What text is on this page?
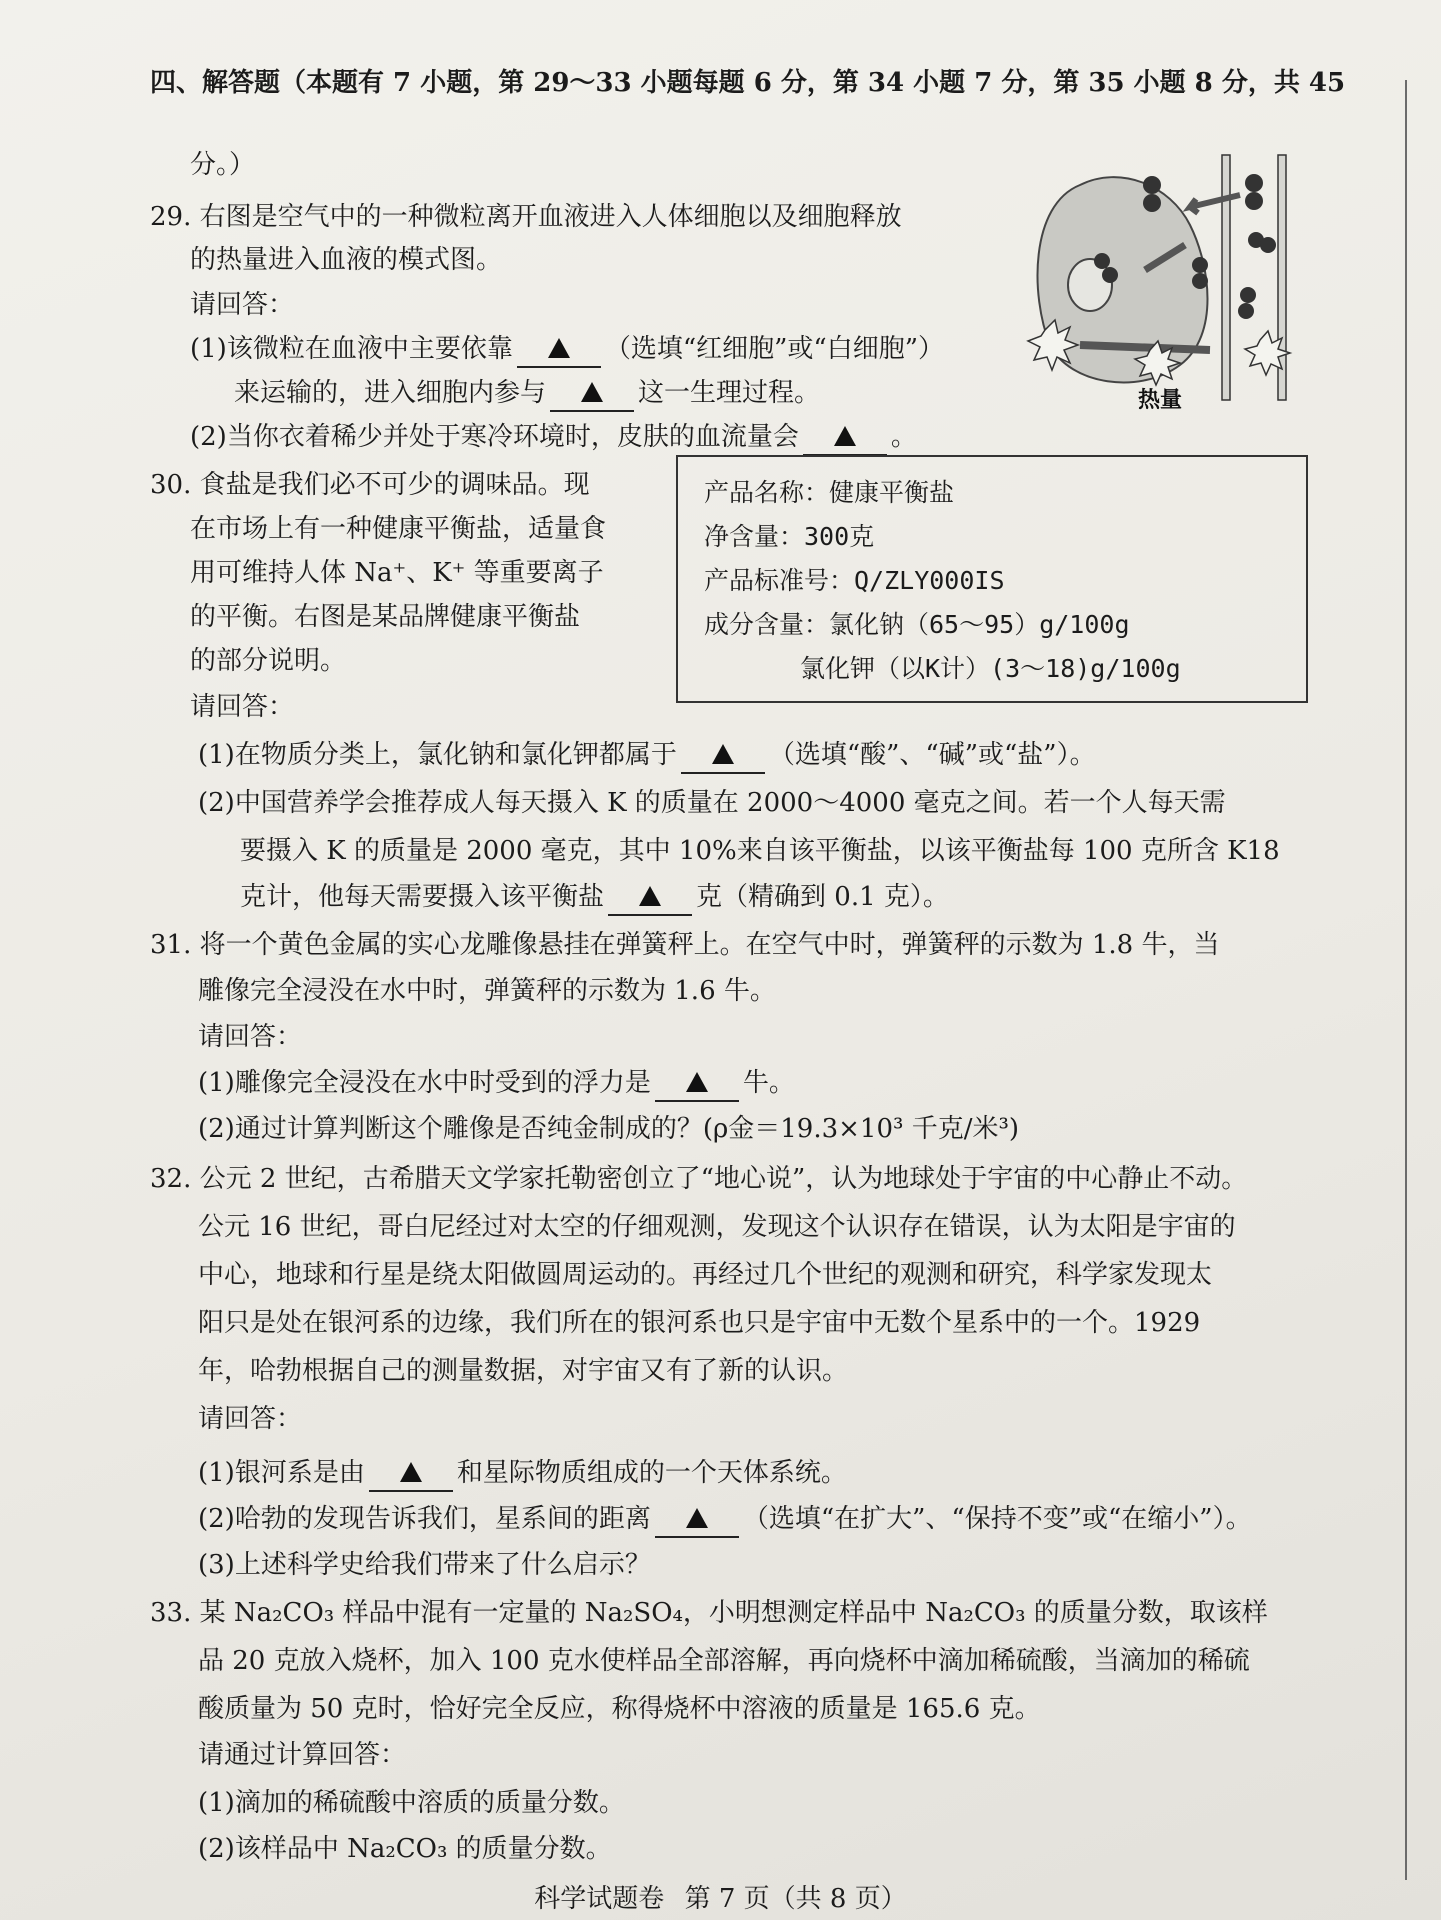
四、解答题（本题有 7 小题，第 29～33 小题每题 6 分，第 34 小题 7 分，第 35 小题 8 分，共 45
分。）
29. 右图是空气中的一种微粒离开血液进入人体细胞以及细胞释放
的热量进入血液的模式图。
请回答：
(1)该微粒在血液中主要依靠	（选填“红细胞”或“白细胞”）
来运输的，进入细胞内参与	这一生理过程。
(2)当你衣着稀少并处于寒冷环境时，皮肤的血流量会	。
热量
30. 食盐是我们必不可少的调味品。现
在市场上有一种健康平衡盐，适量食
用可维持人体 Na⁺、K⁺ 等重要离子
的平衡。右图是某品牌健康平衡盐
的部分说明。
请回答：
产品名称：健康平衡盐
净含量：300克
产品标准号：Q/ZLY000IS
成分含量：氯化钠（65～95）g/100g
氯化钾（以K计）(3～18)g/100g
(1)在物质分类上，氯化钠和氯化钾都属于	（选填“酸”、“碱”或“盐”）。
(2)中国营养学会推荐成人每天摄入 K 的质量在 2000～4000 毫克之间。若一个人每天需
要摄入 K 的质量是 2000 毫克，其中 10%来自该平衡盐，以该平衡盐每 100 克所含 K18
克计，他每天需要摄入该平衡盐	克（精确到 0.1 克）。
31. 将一个黄色金属的实心龙雕像悬挂在弹簧秤上。在空气中时，弹簧秤的示数为 1.8 牛，当
雕像完全浸没在水中时，弹簧秤的示数为 1.6 牛。
请回答：
(1)雕像完全浸没在水中时受到的浮力是	牛。
(2)通过计算判断这个雕像是否纯金制成的？(ρ金＝19.3×10³ 千克/米³)
32. 公元 2 世纪，古希腊天文学家托勒密创立了“地心说”，认为地球处于宇宙的中心静止不动。
公元 16 世纪，哥白尼经过对太空的仔细观测，发现这个认识存在错误，认为太阳是宇宙的
中心，地球和行星是绕太阳做圆周运动的。再经过几个世纪的观测和研究，科学家发现太
阳只是处在银河系的边缘，我们所在的银河系也只是宇宙中无数个星系中的一个。1929
年，哈勃根据自己的测量数据，对宇宙又有了新的认识。
请回答：
(1)银河系是由	和星际物质组成的一个天体系统。
(2)哈勃的发现告诉我们，星系间的距离	（选填“在扩大”、“保持不变”或“在缩小”）。
(3)上述科学史给我们带来了什么启示？
33. 某 Na₂CO₃ 样品中混有一定量的 Na₂SO₄，小明想测定样品中 Na₂CO₃ 的质量分数，取该样
品 20 克放入烧杯，加入 100 克水使样品全部溶解，再向烧杯中滴加稀硫酸，当滴加的稀硫
酸质量为 50 克时，恰好完全反应，称得烧杯中溶液的质量是 165.6 克。
请通过计算回答：
(1)滴加的稀硫酸中溶质的质量分数。
(2)该样品中 Na₂CO₃ 的质量分数。
科学试题卷 第 7 页（共 8 页）
